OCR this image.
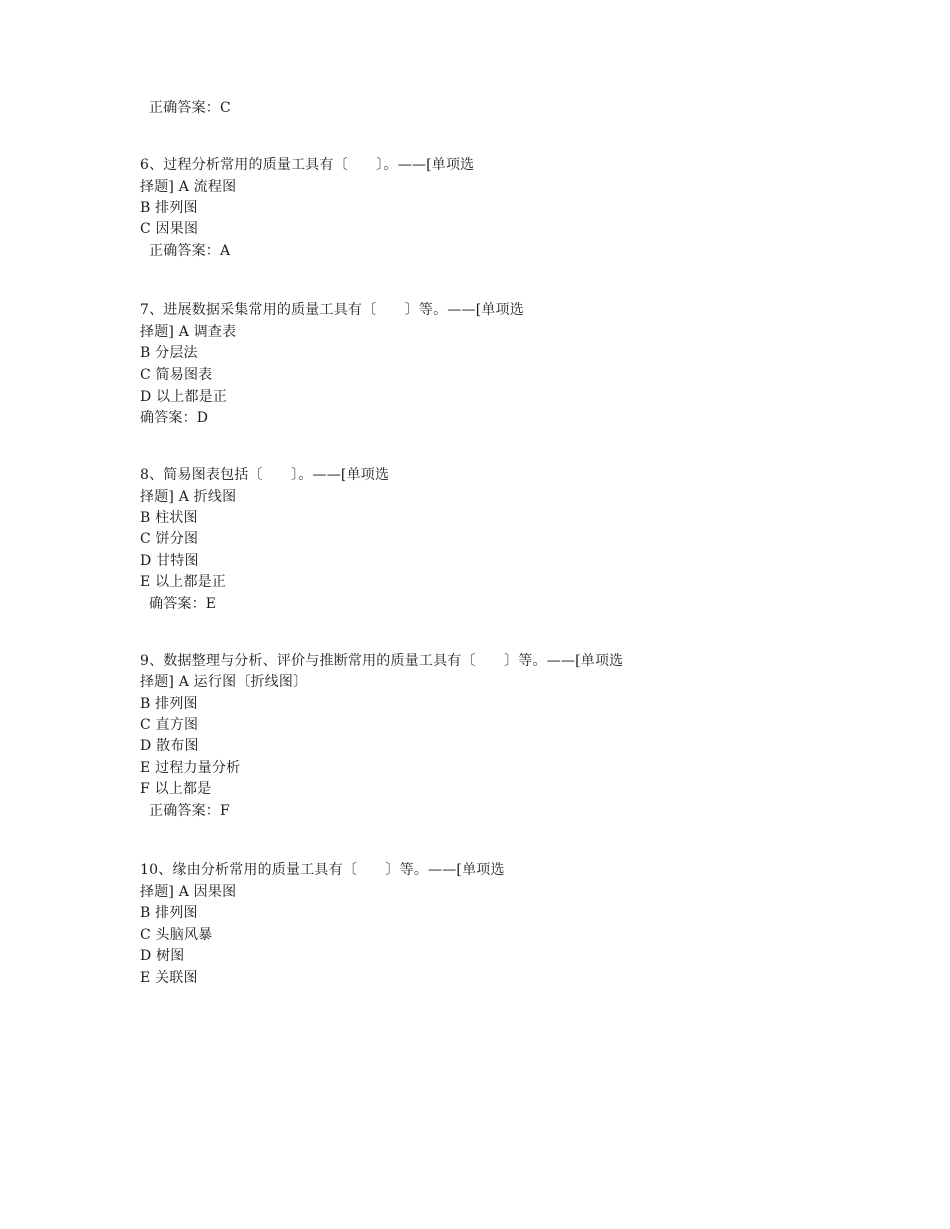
正确答案：C
6、过程分析常用的质量工具有〔　　〕。——[单项选
择题] A 流程图
B 排列图
C 因果图
正确答案：A
7、进展数据采集常用的质量工具有〔　　〕等。——[单项选
择题] A 调查表
B 分层法
C 简易图表
D 以上都是正
确答案：D
8、简易图表包括〔　　〕。——[单项选
择题] A 折线图
B 柱状图
C 饼分图
D 甘特图
E 以上都是正
确答案：E
9、数据整理与分析、评价与推断常用的质量工具有〔　　〕等。——[单项选
择题] A 运行图〔折线图〕
B 排列图
C 直方图
D 散布图
E 过程力量分析
F 以上都是
正确答案：F
10、缘由分析常用的质量工具有〔　　〕等。——[单项选
择题] A 因果图
B 排列图
C 头脑风暴
D 树图
E 关联图
